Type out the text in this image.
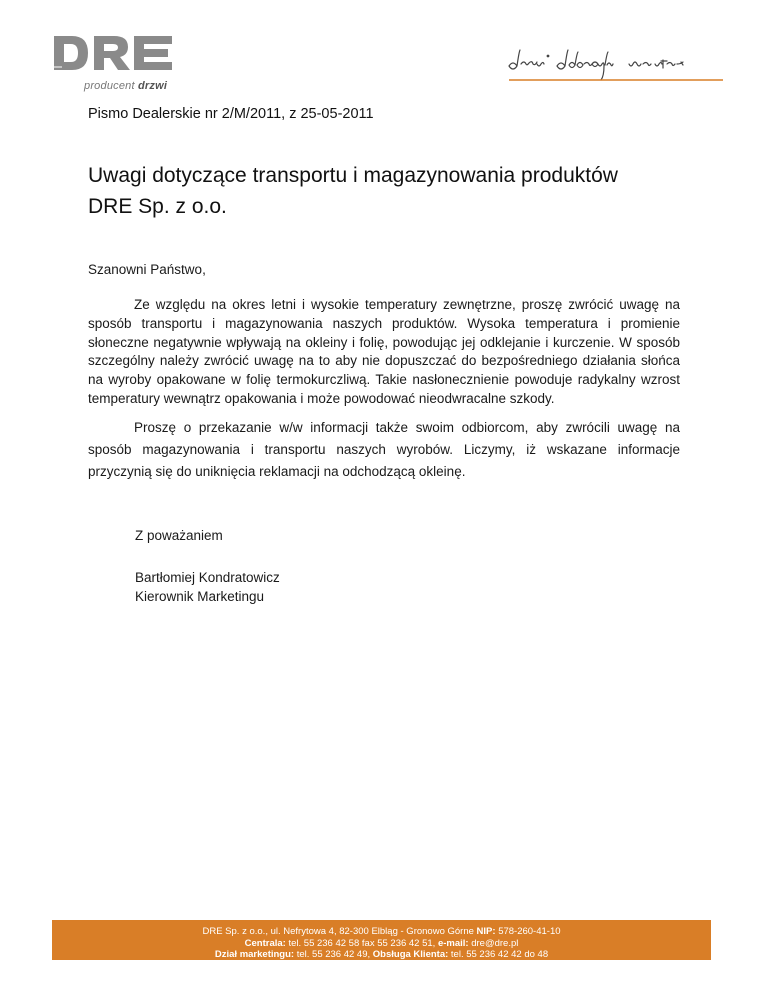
producent drzwi
Pismo Dealerskie nr 2/M/2011, z 25-05-2011
Uwagi dotyczące transportu i magazynowania produktów
DRE Sp. z o.o.
Szanowni Państwo,

Ze względu na okres letni i wysokie temperatury zewnętrzne, proszę zwrócić uwagę na sposób transportu i magazynowania naszych produktów. Wysoka temperatura i promienie słoneczne negatywnie wpływają na okleiny i folię, powodując jej odklejanie i kurczenie. W sposób szczególny należy zwrócić uwagę na to aby nie dopuszczać do bezpośredniego działania słońca na wyroby opakowane w folię termokurczliwą. Takie nasłonecznienie powoduje radykalny wzrost temperatury wewnątrz opakowania i może powodować nieodwracalne szkody.

Proszę o przekazanie w/w informacji także swoim odbiorcom, aby zwrócili uwagę na sposób magazynowania i transportu naszych wyrobów. Liczymy, iż wskazane informacje przyczynią się do uniknięcia reklamacji na odchodzącą okleinę.

Z poważaniem
Bartłomiej Kondratowicz
Kierownik Marketingu
DRE Sp. z o.o., ul. Nefrytowa 4, 82-300 Elbląg - Gronowo Górne NIP: 578-260-41-10
Centrala: tel. 55 236 42 58 fax 55 236 42 51, e-mail: dre@dre.pl
Dział marketingu: tel. 55 236 42 49, Obsługa Klienta: tel. 55 236 42 42 do 48
